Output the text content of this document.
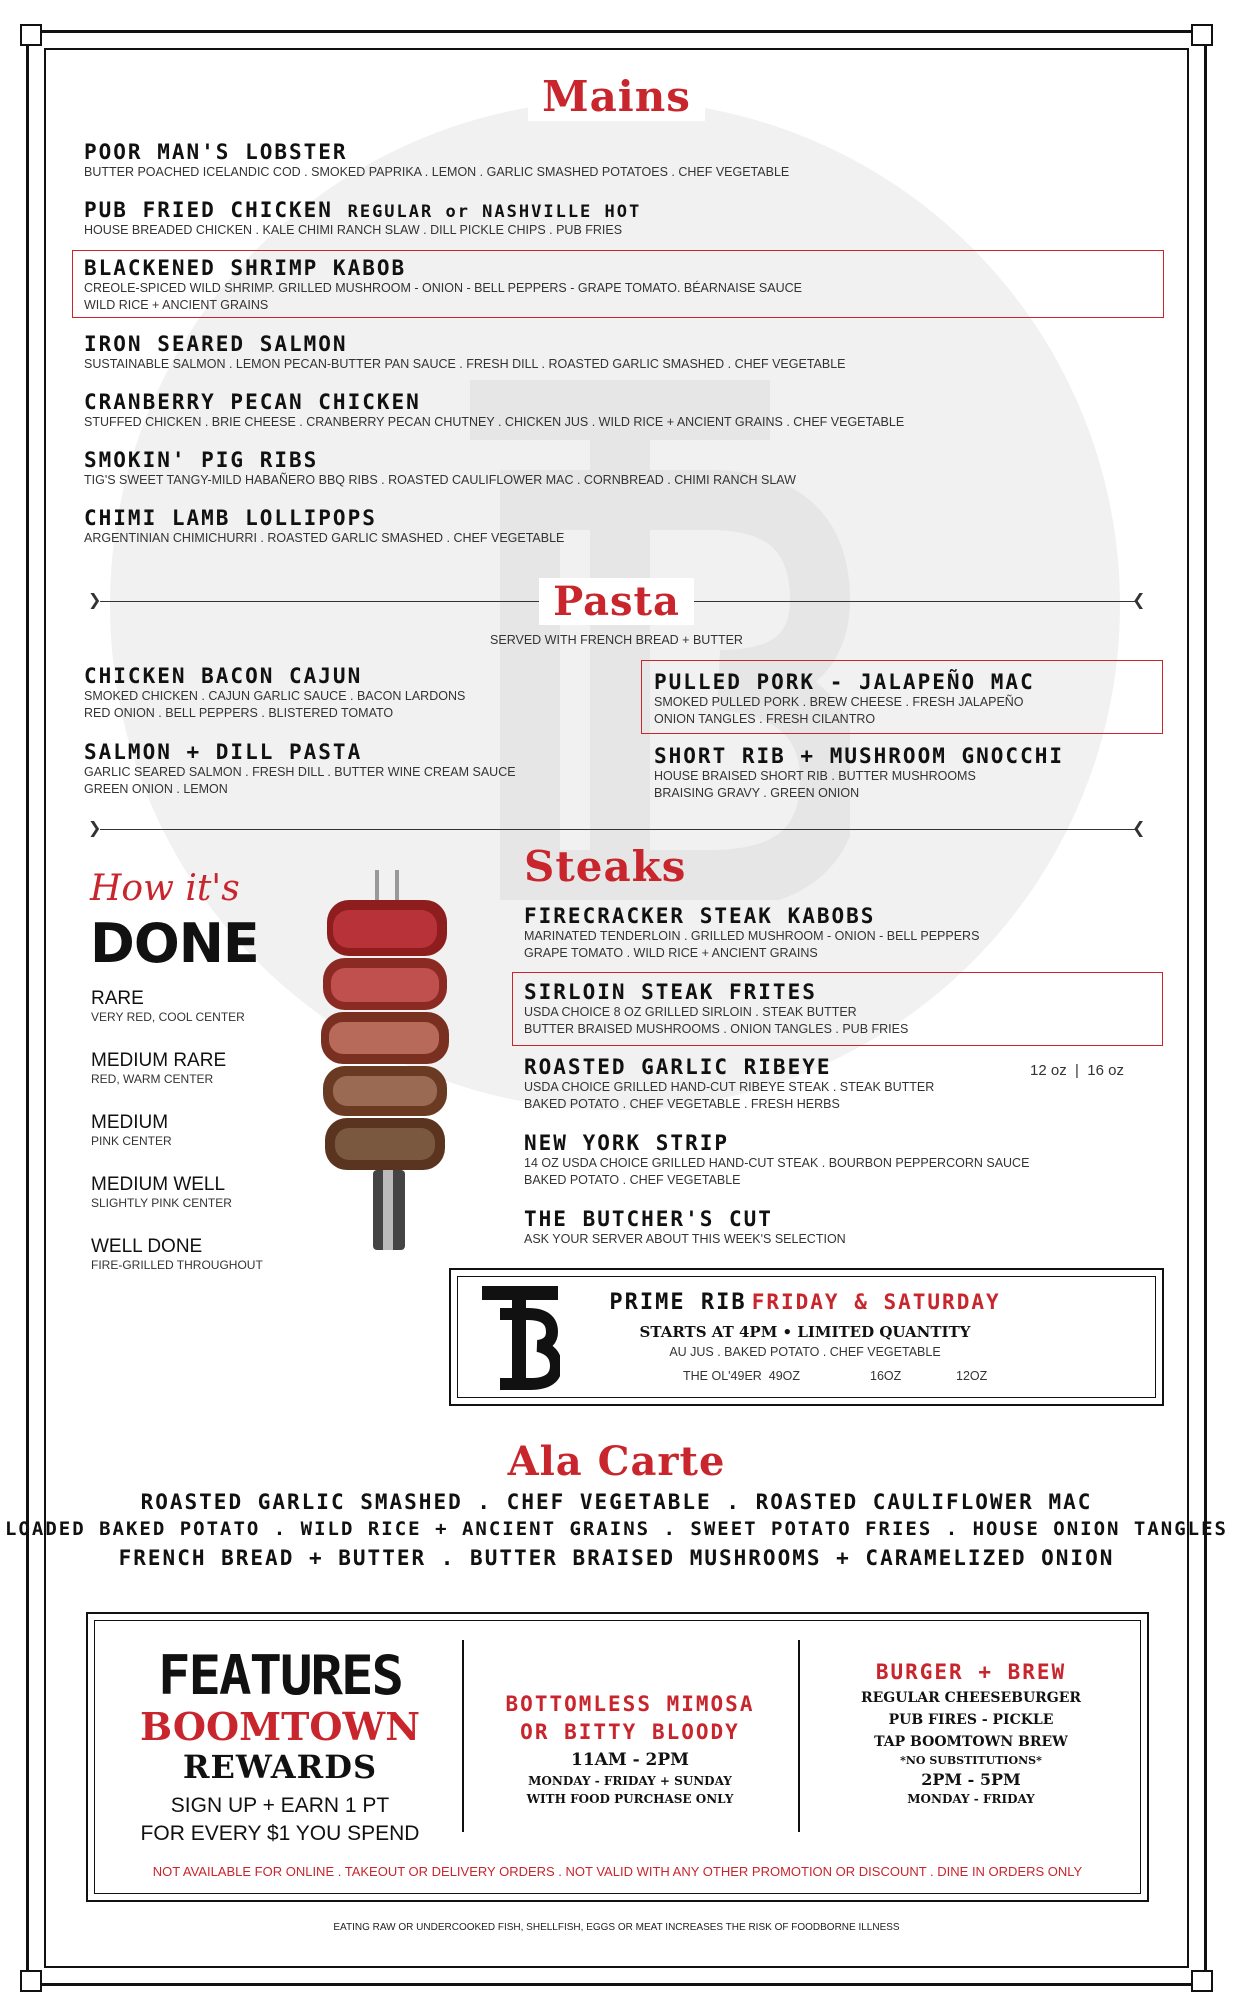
Mains
POOR MAN'S LOBSTER
BUTTER POACHED ICELANDIC COD . SMOKED PAPRIKA . LEMON . GARLIC SMASHED POTATOES . CHEF VEGETABLE
PUB FRIED CHICKEN REGULAR or NASHVILLE HOT
HOUSE BREADED CHICKEN . KALE CHIMI RANCH SLAW . DILL PICKLE CHIPS . PUB FRIES
BLACKENED SHRIMP KABOB
CREOLE-SPICED WILD SHRIMP. GRILLED MUSHROOM - ONION - BELL PEPPERS - GRAPE TOMATO. BÉARNAISE SAUCE
WILD RICE + ANCIENT GRAINS
IRON SEARED SALMON
SUSTAINABLE SALMON . LEMON PECAN-BUTTER PAN SAUCE . FRESH DILL . ROASTED GARLIC SMASHED . CHEF VEGETABLE
CRANBERRY PECAN CHICKEN
STUFFED CHICKEN . BRIE CHEESE . CRANBERRY PECAN CHUTNEY . CHICKEN JUS . WILD RICE + ANCIENT GRAINS . CHEF VEGETABLE
SMOKIN' PIG RIBS
TIG'S SWEET TANGY-MILD HABAÑERO BBQ RIBS . ROASTED CAULIFLOWER MAC . CORNBREAD . CHIMI RANCH SLAW
CHIMI LAMB LOLLIPOPS
ARGENTINIAN CHIMICHURRI . ROASTED GARLIC SMASHED . CHEF VEGETABLE
❯	❮
Pasta
SERVED WITH FRENCH BREAD + BUTTER
CHICKEN BACON CAJUN
SMOKED CHICKEN . CAJUN GARLIC SAUCE . BACON LARDONS
RED ONION . BELL PEPPERS . BLISTERED TOMATO
SALMON + DILL PASTA
GARLIC SEARED SALMON . FRESH DILL . BUTTER WINE CREAM SAUCE
GREEN ONION . LEMON
PULLED PORK - JALAPEÑO MAC
SMOKED PULLED PORK . BREW CHEESE . FRESH JALAPEÑO
ONION TANGLES . FRESH CILANTRO
SHORT RIB + MUSHROOM GNOCCHI
HOUSE BRAISED SHORT RIB . BUTTER MUSHROOMS
BRAISING GRAVY . GREEN ONION
❯	❮
How it's
DONE
RARE
VERY RED, COOL CENTER
MEDIUM RARE
RED, WARM CENTER
MEDIUM
PINK CENTER
MEDIUM WELL
SLIGHTLY PINK CENTER
WELL DONE
FIRE-GRILLED THROUGHOUT
Steaks
FIRECRACKER STEAK KABOBS
MARINATED TENDERLOIN . GRILLED MUSHROOM - ONION - BELL PEPPERS
GRAPE TOMATO . WILD RICE + ANCIENT GRAINS
SIRLOIN STEAK FRITES
USDA CHOICE 8 OZ GRILLED SIRLOIN . STEAK BUTTER
BUTTER BRAISED MUSHROOMS . ONION TANGLES . PUB FRIES
ROASTED GARLIC RIBEYE
USDA CHOICE GRILLED HAND-CUT RIBEYE STEAK . STEAK BUTTER
BAKED POTATO . CHEF VEGETABLE . FRESH HERBS
12 oz  |  16 oz
NEW YORK STRIP
14 OZ USDA CHOICE GRILLED HAND-CUT STEAK . BOURBON PEPPERCORN SAUCE
BAKED POTATO . CHEF VEGETABLE
THE BUTCHER'S CUT
ASK YOUR SERVER ABOUT THIS WEEK'S SELECTION
PRIME RIB FRIDAY & SATURDAY
STARTS AT 4PM • LIMITED QUANTITY
AU JUS . BAKED POTATO . CHEF VEGETABLE
THE OL'49ER  49OZ	16OZ	12OZ
Ala Carte
ROASTED GARLIC SMASHED . CHEF VEGETABLE . ROASTED CAULIFLOWER MAC
LOADED BAKED POTATO . WILD RICE + ANCIENT GRAINS . SWEET POTATO FRIES . HOUSE ONION TANGLES
FRENCH BREAD + BUTTER . BUTTER BRAISED MUSHROOMS + CARAMELIZED ONION
FEATURES
BOOMTOWN
REWARDS
SIGN UP + EARN 1 PT
FOR EVERY $1 YOU SPEND
BOTTOMLESS MIMOSA
OR BITTY BLOODY
11AM - 2PM
MONDAY - FRIDAY + SUNDAY
WITH FOOD PURCHASE ONLY
BURGER + BREW
REGULAR CHEESEBURGER
PUB FIRES - PICKLE
TAP BOOMTOWN BREW
*NO SUBSTITUTIONS*
2PM - 5PM
MONDAY - FRIDAY
NOT AVAILABLE FOR ONLINE . TAKEOUT OR DELIVERY ORDERS . NOT VALID WITH ANY OTHER PROMOTION OR DISCOUNT . DINE IN ORDERS ONLY
EATING RAW OR UNDERCOOKED FISH, SHELLFISH, EGGS OR MEAT INCREASES THE RISK OF FOODBORNE ILLNESS
